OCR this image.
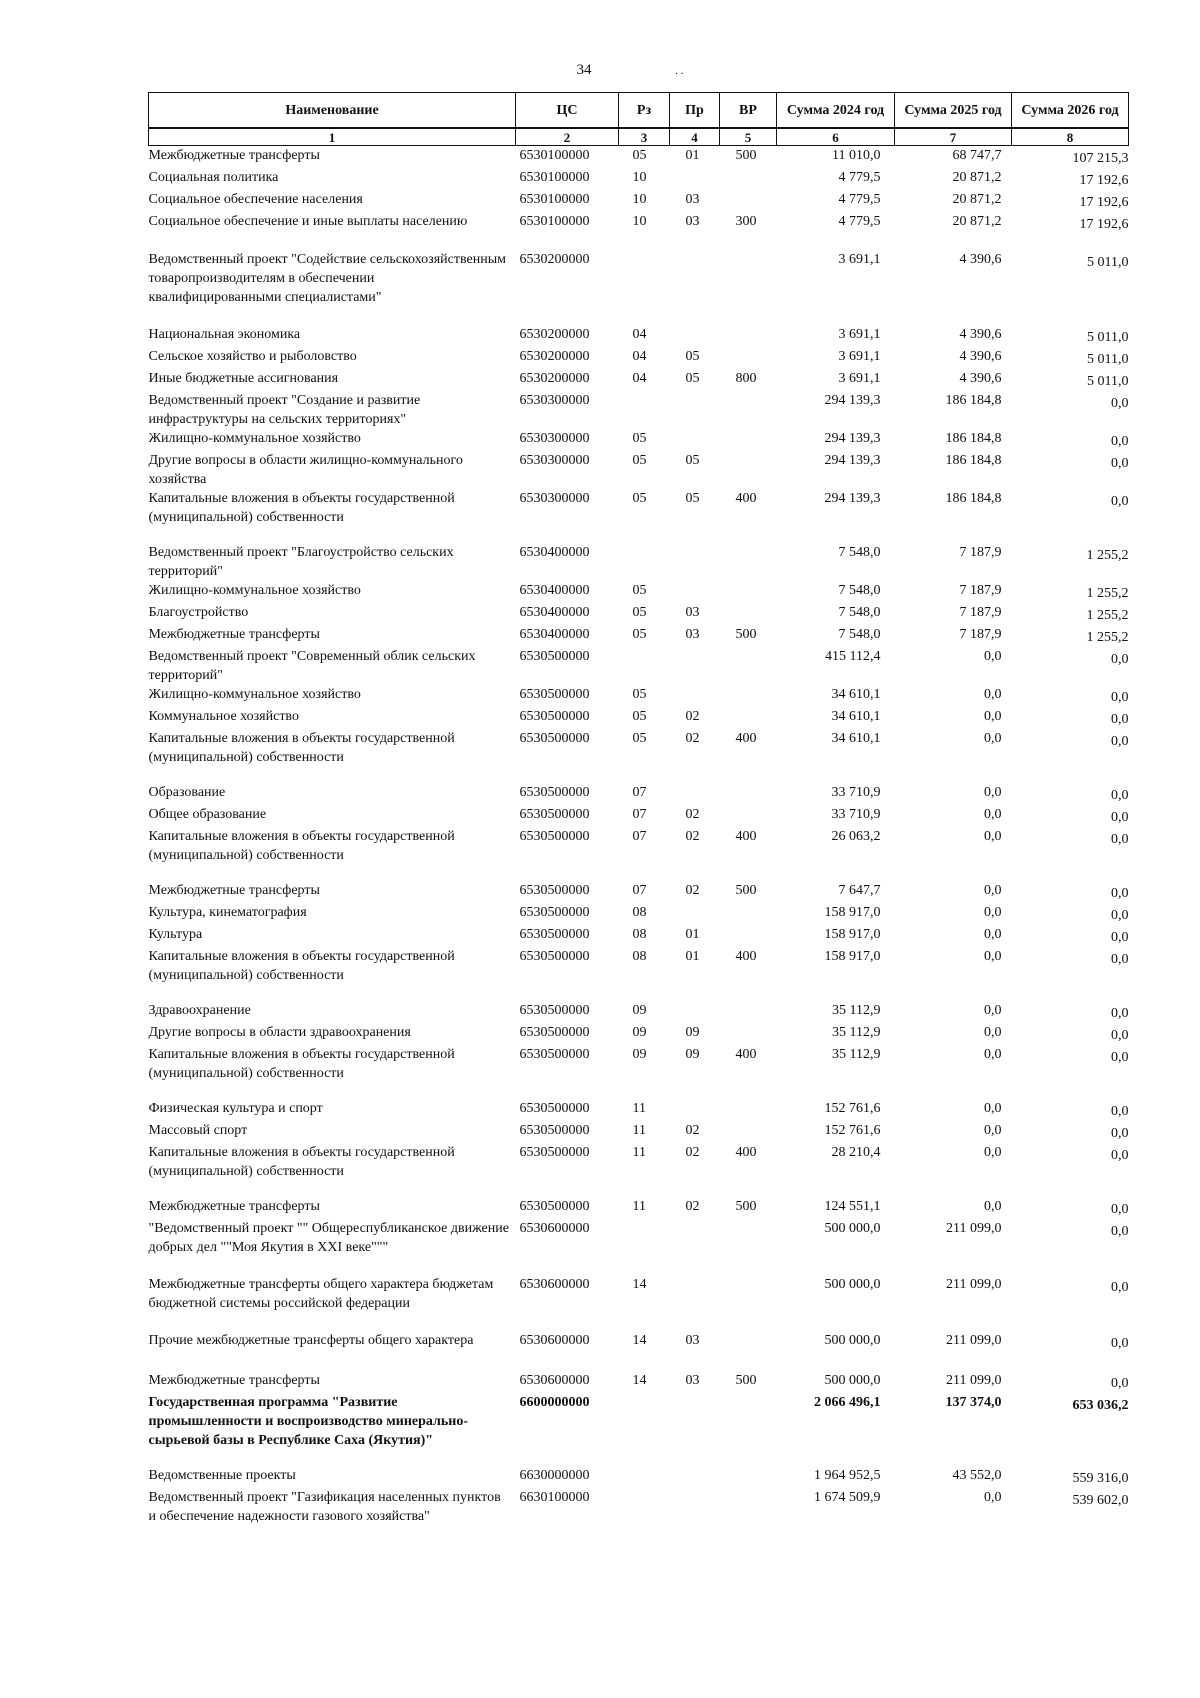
34	. .
Наименование	ЦС	Рз	Пр	ВР	Сумма 2024 год	Сумма 2025 год	Сумма 2026 год
1	2	3	4	5	6	7	8
Межбюджетные трансферты	6530100000	05	01	500	11 010,0	68 747,7	107 215,3
Социальная политика	6530100000	10			4 779,5	20 871,2	17 192,6
Социальное обеспечение населения	6530100000	10	03		4 779,5	20 871,2	17 192,6
Социальное обеспечение и иные выплаты населению	6530100000	10	03	300	4 779,5	20 871,2	17 192,6
Ведомственный проект "Содействие сельскохозяйственным товаропроизводителям в обеспечении квалифицированными специалистами"	6530200000				3 691,1	4 390,6	5 011,0
Национальная экономика	6530200000	04			3 691,1	4 390,6	5 011,0
Сельское хозяйство и рыболовство	6530200000	04	05		3 691,1	4 390,6	5 011,0
Иные бюджетные ассигнования	6530200000	04	05	800	3 691,1	4 390,6	5 011,0
Ведомственный проект "Создание и развитие инфраструктуры на сельских территориях"	6530300000				294 139,3	186 184,8	0,0
Жилищно-коммунальное хозяйство	6530300000	05			294 139,3	186 184,8	0,0
Другие вопросы в области жилищно-коммунального хозяйства	6530300000	05	05		294 139,3	186 184,8	0,0
Капитальные вложения в объекты государственной (муниципальной) собственности	6530300000	05	05	400	294 139,3	186 184,8	0,0
Ведомственный проект "Благоустройство сельских территорий"	6530400000				7 548,0	7 187,9	1 255,2
Жилищно-коммунальное хозяйство	6530400000	05			7 548,0	7 187,9	1 255,2
Благоустройство	6530400000	05	03		7 548,0	7 187,9	1 255,2
Межбюджетные трансферты	6530400000	05	03	500	7 548,0	7 187,9	1 255,2
Ведомственный проект "Современный облик сельских территорий"	6530500000				415 112,4	0,0	0,0
Жилищно-коммунальное хозяйство	6530500000	05			34 610,1	0,0	0,0
Коммунальное хозяйство	6530500000	05	02		34 610,1	0,0	0,0
Капитальные вложения в объекты государственной (муниципальной) собственности	6530500000	05	02	400	34 610,1	0,0	0,0
Образование	6530500000	07			33 710,9	0,0	0,0
Общее образование	6530500000	07	02		33 710,9	0,0	0,0
Капитальные вложения в объекты государственной (муниципальной) собственности	6530500000	07	02	400	26 063,2	0,0	0,0
Межбюджетные трансферты	6530500000	07	02	500	7 647,7	0,0	0,0
Культура, кинематография	6530500000	08			158 917,0	0,0	0,0
Культура	6530500000	08	01		158 917,0	0,0	0,0
Капитальные вложения в объекты государственной (муниципальной) собственности	6530500000	08	01	400	158 917,0	0,0	0,0
Здравоохранение	6530500000	09			35 112,9	0,0	0,0
Другие вопросы в области здравоохранения	6530500000	09	09		35 112,9	0,0	0,0
Капитальные вложения в объекты государственной (муниципальной) собственности	6530500000	09	09	400	35 112,9	0,0	0,0
Физическая культура и спорт	6530500000	11			152 761,6	0,0	0,0
Массовый спорт	6530500000	11	02		152 761,6	0,0	0,0
Капитальные вложения в объекты государственной (муниципальной) собственности	6530500000	11	02	400	28 210,4	0,0	0,0
Межбюджетные трансферты	6530500000	11	02	500	124 551,1	0,0	0,0
"Ведомственный проект "" Общереспубликанское движение добрых дел ""Моя Якутия в XXI веке"""	6530600000				500 000,0	211 099,0	0,0
Межбюджетные трансферты общего характера бюджетам бюджетной системы российской федерации	6530600000	14			500 000,0	211 099,0	0,0
Прочие межбюджетные трансферты общего характера	6530600000	14	03		500 000,0	211 099,0	0,0
Межбюджетные трансферты	6530600000	14	03	500	500 000,0	211 099,0	0,0
Государственная программа "Развитие промышленности и воспроизводство минерально-сырьевой базы в Республике Саха (Якутия)"	6600000000				2 066 496,1	137 374,0	653 036,2
Ведомственные проекты	6630000000				1 964 952,5	43 552,0	559 316,0
Ведомственный проект "Газификация населенных пунктов и обеспечение надежности газового хозяйства"	6630100000				1 674 509,9	0,0	539 602,0
